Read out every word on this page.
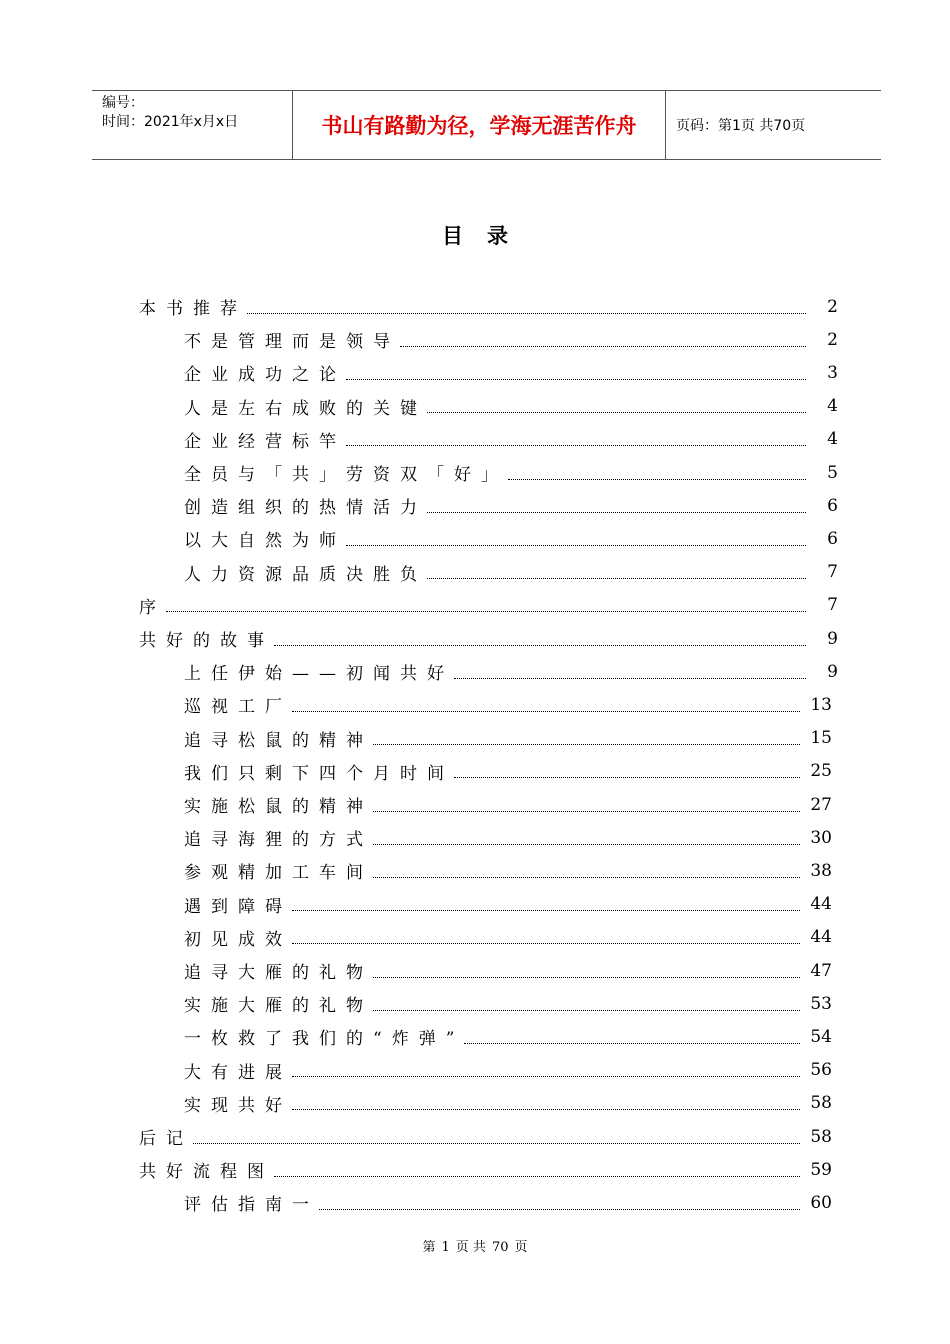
编号：
时间：2021年x月x日	书山有路勤为径，学海无涯苦作舟	页码：第1页 共70页
目录
本书推荐	2
不是管理而是领导	2
企业成功之论	3
人是左右成败的关键	4
企业经营标竿	4
全员与「共」劳资双「好」	5
创造组织的热情活力	6
以大自然为师	6
人力资源品质决胜负	7
序	7
共好的故事	9
上任伊始——初闻共好	9
巡视工厂	13
追寻松鼠的精神	15
我们只剩下四个月时间	25
实施松鼠的精神	27
追寻海狸的方式	30
参观精加工车间	38
遇到障碍	44
初见成效	44
追寻大雁的礼物	47
实施大雁的礼物	53
一枚救了我们的“炸弹”	54
大有进展	56
实现共好	58
后记	58
共好流程图	59
评估指南一	60
第 1 页 共 70 页
